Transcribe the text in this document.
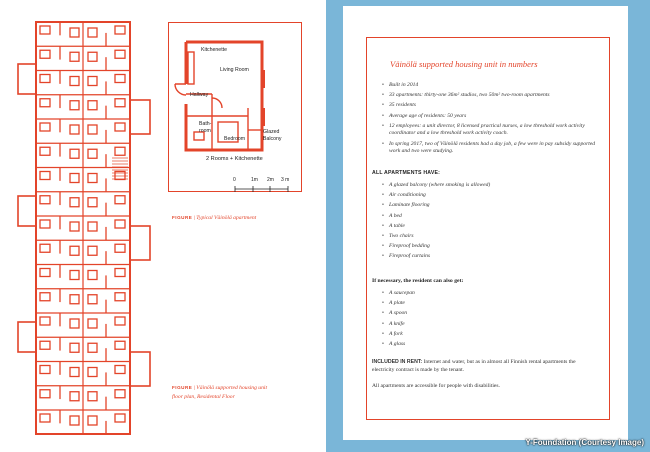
Kitchenette

Living Room

Hallway

Bath-

room

Bedroom

Glazed

Balcony

2 Rooms + Kitchenette

0	1m 2m 3 m

FIGURE | Typical Väinölä apartment

FIGURE | Väinölä supported housing unit

floor plan, Residental Floor

Väinölä supported housing unit in numbers

• Built in 2014
• 33 apartments: thirty-one 36m² studios, two 50m² two-room apartments
• 35 residents
• Average age of residents: 50 years
• 12 employees: a unit director, 8 licensed practical nurses, a low threshold work activity coordinator and a low threshold work activity coach.
• In spring 2017, two of Väinölä residents had a day job, a few were in pay subsidy supported work and two were studying.

ALL APARTMENTS HAVE:

• A glazed balcony (where smoking is allowed)
• Air conditioning
• Laminate flooring
• A bed
• A table
• Two chairs
• Fireproof bedding
• Fireproof curtains

If necessary, the resident can also get:

• A saucepan
• A plate
• A spoon
• A knife
• A fork
• A glass

INCLUDED IN RENT: Internet and water, but as in almost all Finnish rental apartments the electricity contract is made by the tenant.

All apartments are accessible for people with disabilities.

Y-Foundation (Courtesy Image)
